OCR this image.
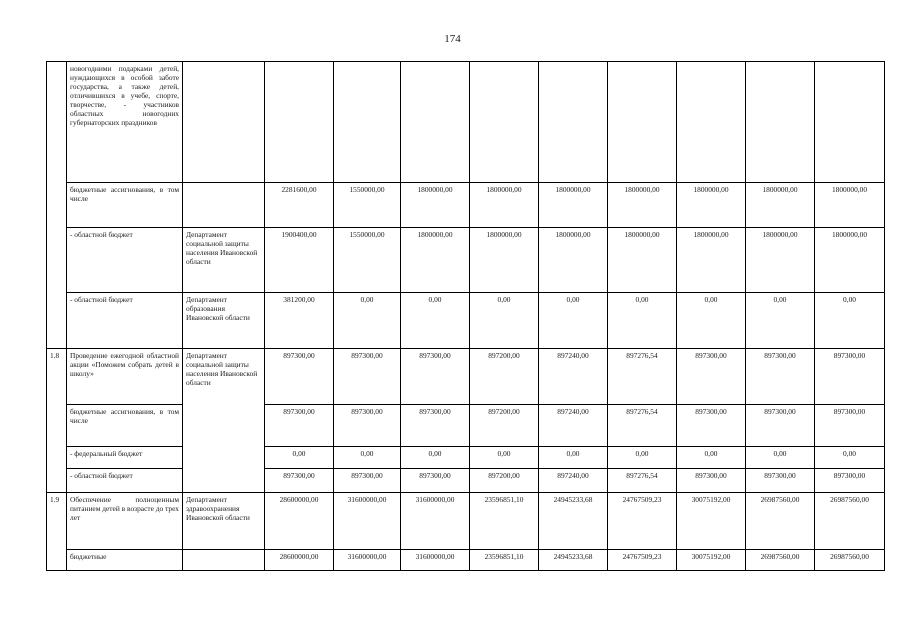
174
	новогодними подарками детей, нуждающихся в особой заботе государства, а также детей, отличившихся в учебе, спорте, творчестве, - участников областных новогодних губернаторских праздников										
	бюджетные ассигнования, в том числе		2281600,00	1550000,00	1800000,00	1800000,00	1800000,00	1800000,00	1800000,00	1800000,00	1800000,00
	- областной бюджет	Департамент социальной защиты населения Ивановской области	1900400,00	1550000,00	1800000,00	1800000,00	1800000,00	1800000,00	1800000,00	1800000,00	1800000,00
	- областной бюджет	Департамент образования Ивановской области	381200,00	0,00	0,00	0,00	0,00	0,00	0,00	0,00	0,00
1.8	Проведение ежегодной областной акции «Поможем собрать детей в школу»	Департамент социальной защиты населения Ивановской области	897300,00	897300,00	897300,00	897200,00	897240,00	897276,54	897300,00	897300,00	897300,00
	бюджетные ассигнования, в том числе		897300,00	897300,00	897300,00	897200,00	897240,00	897276,54	897300,00	897300,00	897300,00
	- федеральный бюджет		0,00	0,00	0,00	0,00	0,00	0,00	0,00	0,00	0,00
	- областной бюджет		897300,00	897300,00	897300,00	897200,00	897240,00	897276,54	897300,00	897300,00	897300,00
1.9	Обеспечение полноценным питанием детей в возрасте до трех лет	Департамент здравоохранения Ивановской области	28600000,00	31600000,00	31600000,00	23596851,10	24945233,68	24767509,23	30075192,00	26987560,00	26987560,00
	бюджетные		28600000,00	31600000,00	31600000,00	23596851,10	24945233,68	24767509,23	30075192,00	26987560,00	26987560,00
